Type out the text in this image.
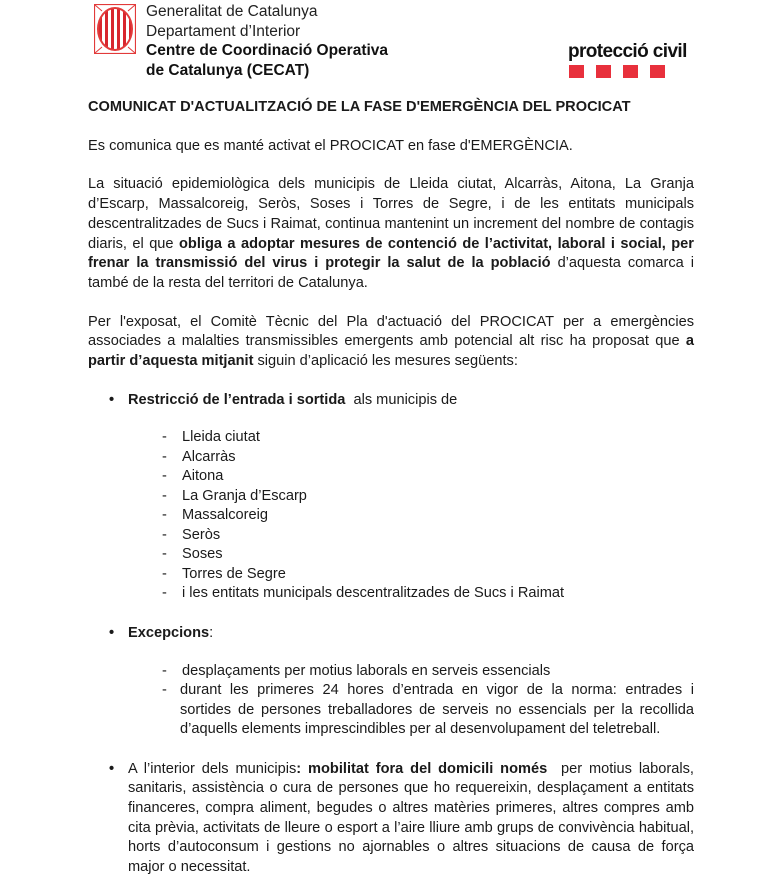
Generalitat de Catalunya
Departament d’Interior
Centre de Coordinació Operativa
de Catalunya (CECAT)
protecció civil
COMUNICAT D'ACTUALITZACIÓ DE LA FASE D'EMERGÈNCIA DEL PROCICAT

Es comunica que es manté activat el PROCICAT en fase d'EMERGÈNCIA.

La situació epidemiològica dels municipis de Lleida ciutat, Alcarràs, Aitona, La Granja d’Escarp, Massalcoreig, Seròs, Soses i Torres de Segre, i de les entitats municipals descentralitzades de Sucs i Raimat, continua mantenint un increment del nombre de contagis diaris, el que obliga a adoptar mesures de contenció de l’activitat, laboral i social, per frenar la transmissió del virus i protegir la salut de la població d’aquesta comarca i també de la resta del territori de Catalunya.

Per l'exposat, el Comitè Tècnic del Pla d'actuació del PROCICAT per a emergències associades a malalties transmissibles emergents amb potencial alt risc ha proposat que a partir d’aquesta mitjanit siguin d’aplicació les mesures següents:

• Restricció de l’entrada i sortida  als municipis de
- Lleida ciutat
- Alcarràs
- Aitona
- La Granja d’Escarp
- Massalcoreig
- Seròs
- Soses
- Torres de Segre
- i les entitats municipals descentralitzades de Sucs i Raimat
• Excepcions:
- desplaçaments per motius laborals en serveis essencials
- durant les primeres 24 hores d’entrada en vigor de la norma: entrades i sortides de persones treballadores de serveis no essencials per la recollida d’aquells elements imprescindibles per al desenvolupament del teletreball.
• A l’interior dels municipis: mobilitat fora del domicili només  per motius laborals, sanitaris, assistència o cura de persones que ho requereixin, desplaçament a entitats financeres, compra aliment, begudes o altres matèries primeres, altres compres amb cita prèvia, activitats de lleure o esport a l’aire lliure amb grups de convivència habitual, horts d’autoconsum i gestions no ajornables o altres situacions de causa de força major o necessitat.
